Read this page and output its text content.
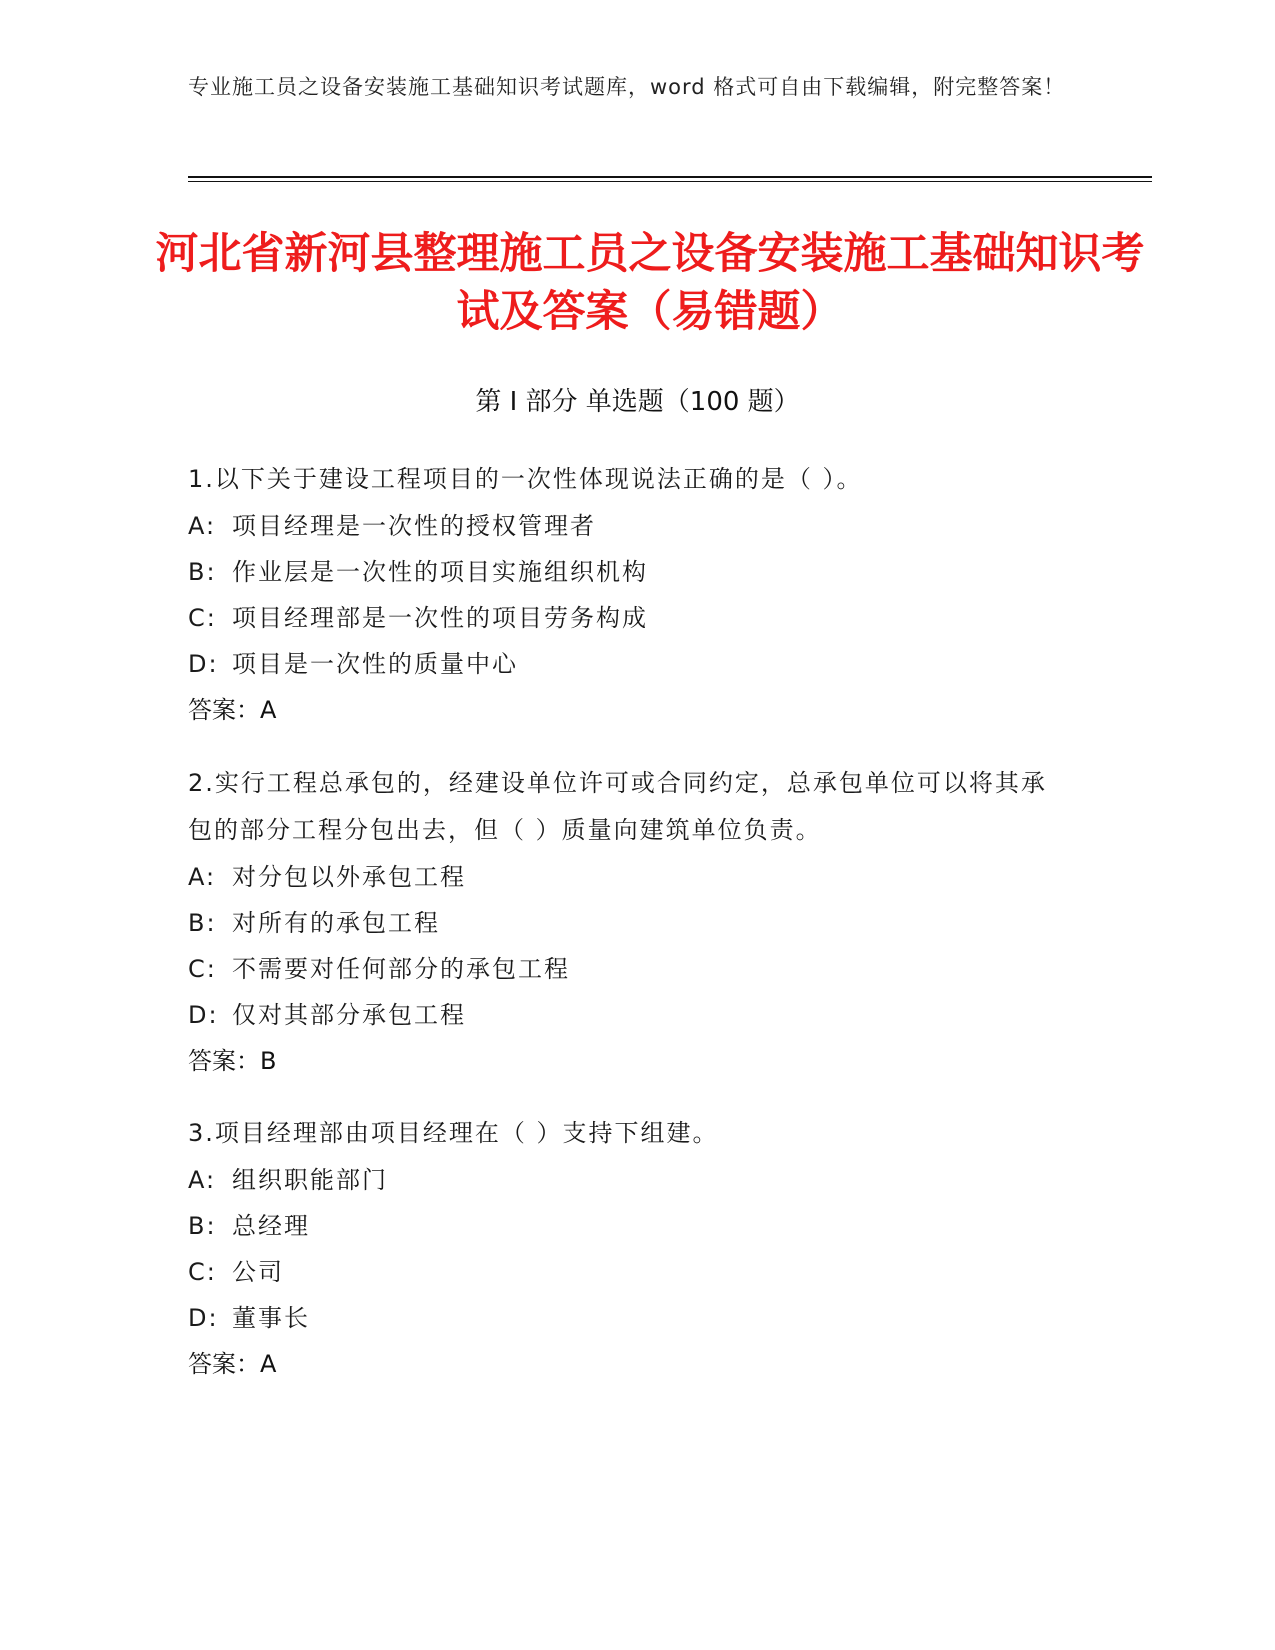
专业施工员之设备安装施工基础知识考试题库，word 格式可自由下载编辑，附完整答案！
河北省新河县整理施工员之设备安装施工基础知识考试及答案（易错题）
第 I 部分 单选题（100 题）

1.以下关于建设工程项目的一次性体现说法正确的是（ ）。

A: 项目经理是一次性的授权管理者

B: 作业层是一次性的项目实施组织机构

C: 项目经理部是一次性的项目劳务构成

D: 项目是一次性的质量中心

答案：A

2.实行工程总承包的，经建设单位许可或合同约定，总承包单位可以将其承包的部分工程分包出去，但（ ）质量向建筑单位负责。

A: 对分包以外承包工程

B: 对所有的承包工程

C: 不需要对任何部分的承包工程

D: 仅对其部分承包工程

答案：B

3.项目经理部由项目经理在（ ）支持下组建。

A: 组织职能部门

B: 总经理

C: 公司

D: 董事长

答案：A
